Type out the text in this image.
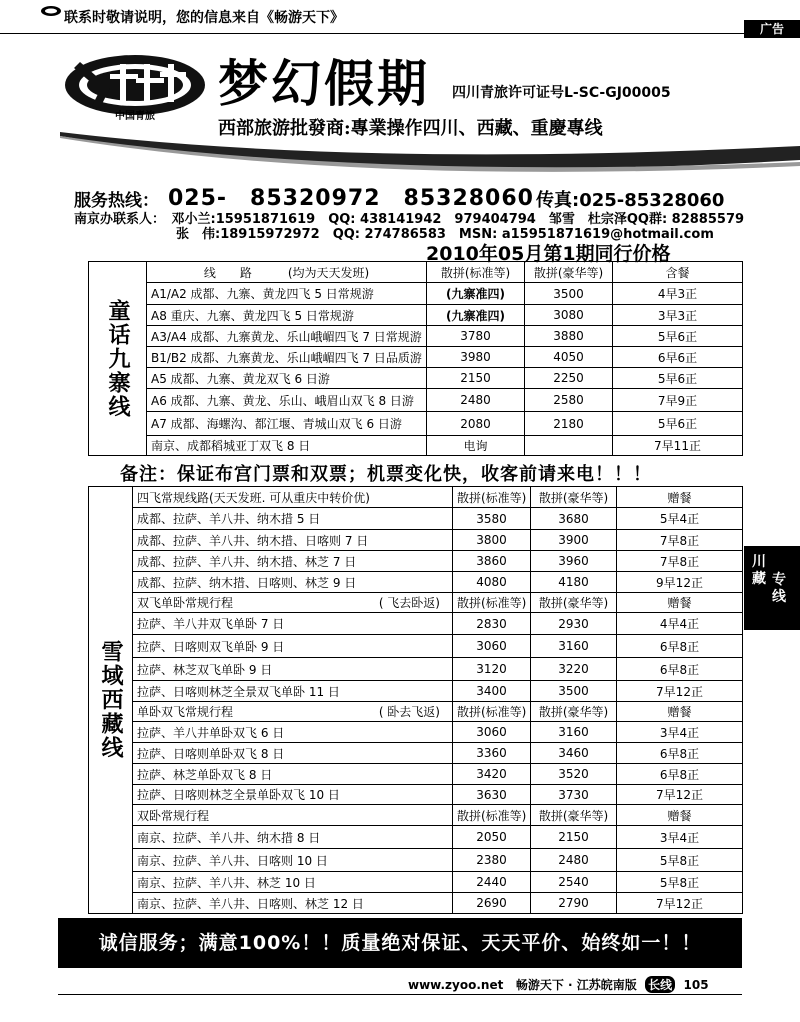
联系时敬请说明，您的信息来自《畅游天下》
广告
中国青旅
梦幻假期 四川青旅许可证号L-SC-GJ00005
西部旅游批發商:專業操作四川、西藏、重慶專线
服务热线： 025-　85320972　85328060 传真:025-85328060
南京办联系人：　邓小兰:15951871619　QQ: 438141942　979404794　邹雪　杜宗泽QQ群: 82885579
张　伟:18915972972　QQ: 274786583　MSN: a15951871619@hotmail.com
2010年05月第1期同行价格
童话九寨线	线　　路　　　(均为天天发班)	散拼(标准等)	散拼(豪华等)	含餐
	A1/A2 成都、九寨、黄龙四飞 5 日常规游	(九寨准四)	3500	4早3正
	A8 重庆、九寨、黄龙四飞 5 日常规游	(九寨准四)	3080	3早3正
	A3/A4 成都、九寨黄龙、乐山峨嵋四飞 7 日常规游	3780	3880	5早6正
	B1/B2 成都、九寨黄龙、乐山峨嵋四飞 7 日品质游	3980	4050	6早6正
	A5 成都、九寨、黄龙双飞 6 日游	2150	2250	5早6正
	A6 成都、九寨、黄龙、乐山、峨眉山双飞 8 日游	2480	2580	7早9正
	A7 成都、海螺沟、都江堰、青城山双飞 6 日游	2080	2180	5早6正
	南京、成都稻城亚丁双飞 8 日	电询		7早11正
备注：保证布宫门票和双票；机票变化快，收客前请来电！！！
雪域西藏线	四飞常规线路(天天发班. 可从重庆中转价优)	散拼(标准等)	散拼(豪华等)	赠餐
	成都、拉萨、羊八井、纳木措 5 日	3580	3680	5早4正
	成都、拉萨、羊八井、纳木措、日喀则 7 日	3800	3900	7早8正
	成都、拉萨、羊八井、纳木措、林芝 7 日	3860	3960	7早8正
	成都、拉萨、纳木措、日喀则、林芝 9 日	4080	4180	9早12正
	双飞单卧常规行程 ( 飞去卧返)	散拼(标准等)	散拼(豪华等)	赠餐
	拉萨、羊八井双飞单卧 7 日	2830	2930	4早4正
	拉萨、日喀则双飞单卧 9 日	3060	3160	6早8正
	拉萨、林芝双飞单卧 9 日	3120	3220	6早8正
	拉萨、日喀则林芝全景双飞单卧 11 日	3400	3500	7早12正
	单卧双飞常规行程 ( 卧去飞返)	散拼(标准等)	散拼(豪华等)	赠餐
	拉萨、羊八井单卧双飞 6 日	3060	3160	3早4正
	拉萨、日喀则单卧双飞 8 日	3360	3460	6早8正
	拉萨、林芝单卧双飞 8 日	3420	3520	6早8正
	拉萨、日喀则林芝全景单卧双飞 10 日	3630	3730	7早12正
	双卧常规行程	散拼(标准等)	散拼(豪华等)	赠餐
	南京、拉萨、羊八井、纳木措 8 日	2050	2150	3早4正
	南京、拉萨、羊八井、日喀则 10 日	2380	2480	5早8正
	南京、拉萨、羊八井、林芝 10 日	2440	2540	5早8正
	南京、拉萨、羊八井、日喀则、林芝 12 日	2690	2790	7早12正
川藏 专线
诚信服务；满意100%！！质量绝对保证、天天平价、始终如一！！
www.zyoo.net 畅游天下 · 江苏皖南版 长线 105
